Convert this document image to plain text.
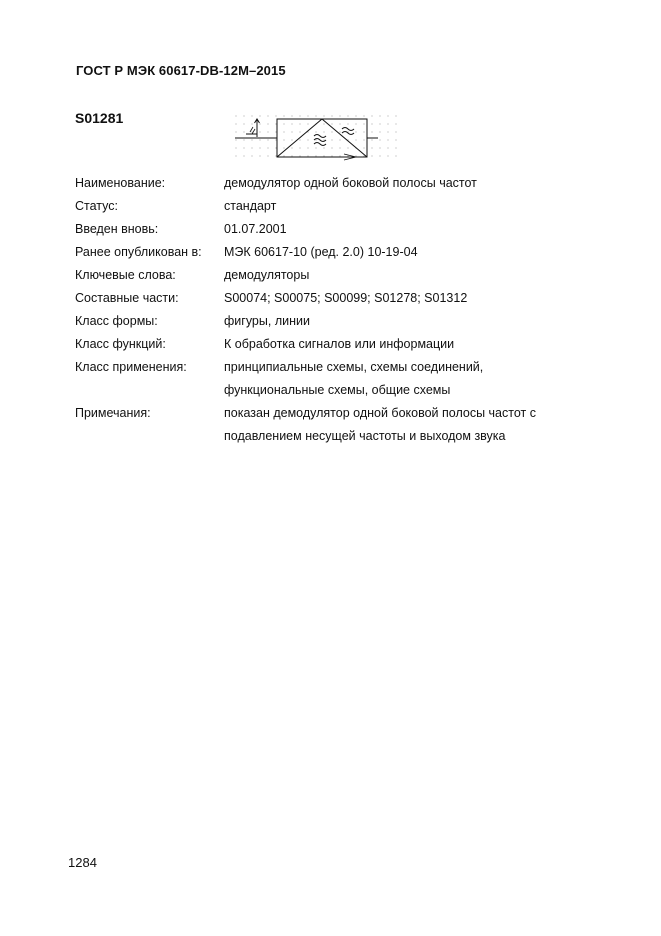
ГОСТ Р МЭК 60617-DB-12M–2015
S01281
Наименование:	демодулятор одной боковой полосы частот
Статус:	стандарт
Введен вновь:	01.07.2001
Ранее опубликован в:	МЭК 60617-10 (ред. 2.0) 10-19-04
Ключевые слова:	демодуляторы
Составные части:	S00074; S00075; S00099; S01278; S01312
Класс формы:	фигуры, линии
Класс функций:	К обработка сигналов или информации
Класс применения:	принципиальные схемы, схемы соединений,
функциональные схемы, общие схемы
Примечания:	показан демодулятор одной боковой полосы частот с
подавлением несущей частоты и выходом звука
1284
